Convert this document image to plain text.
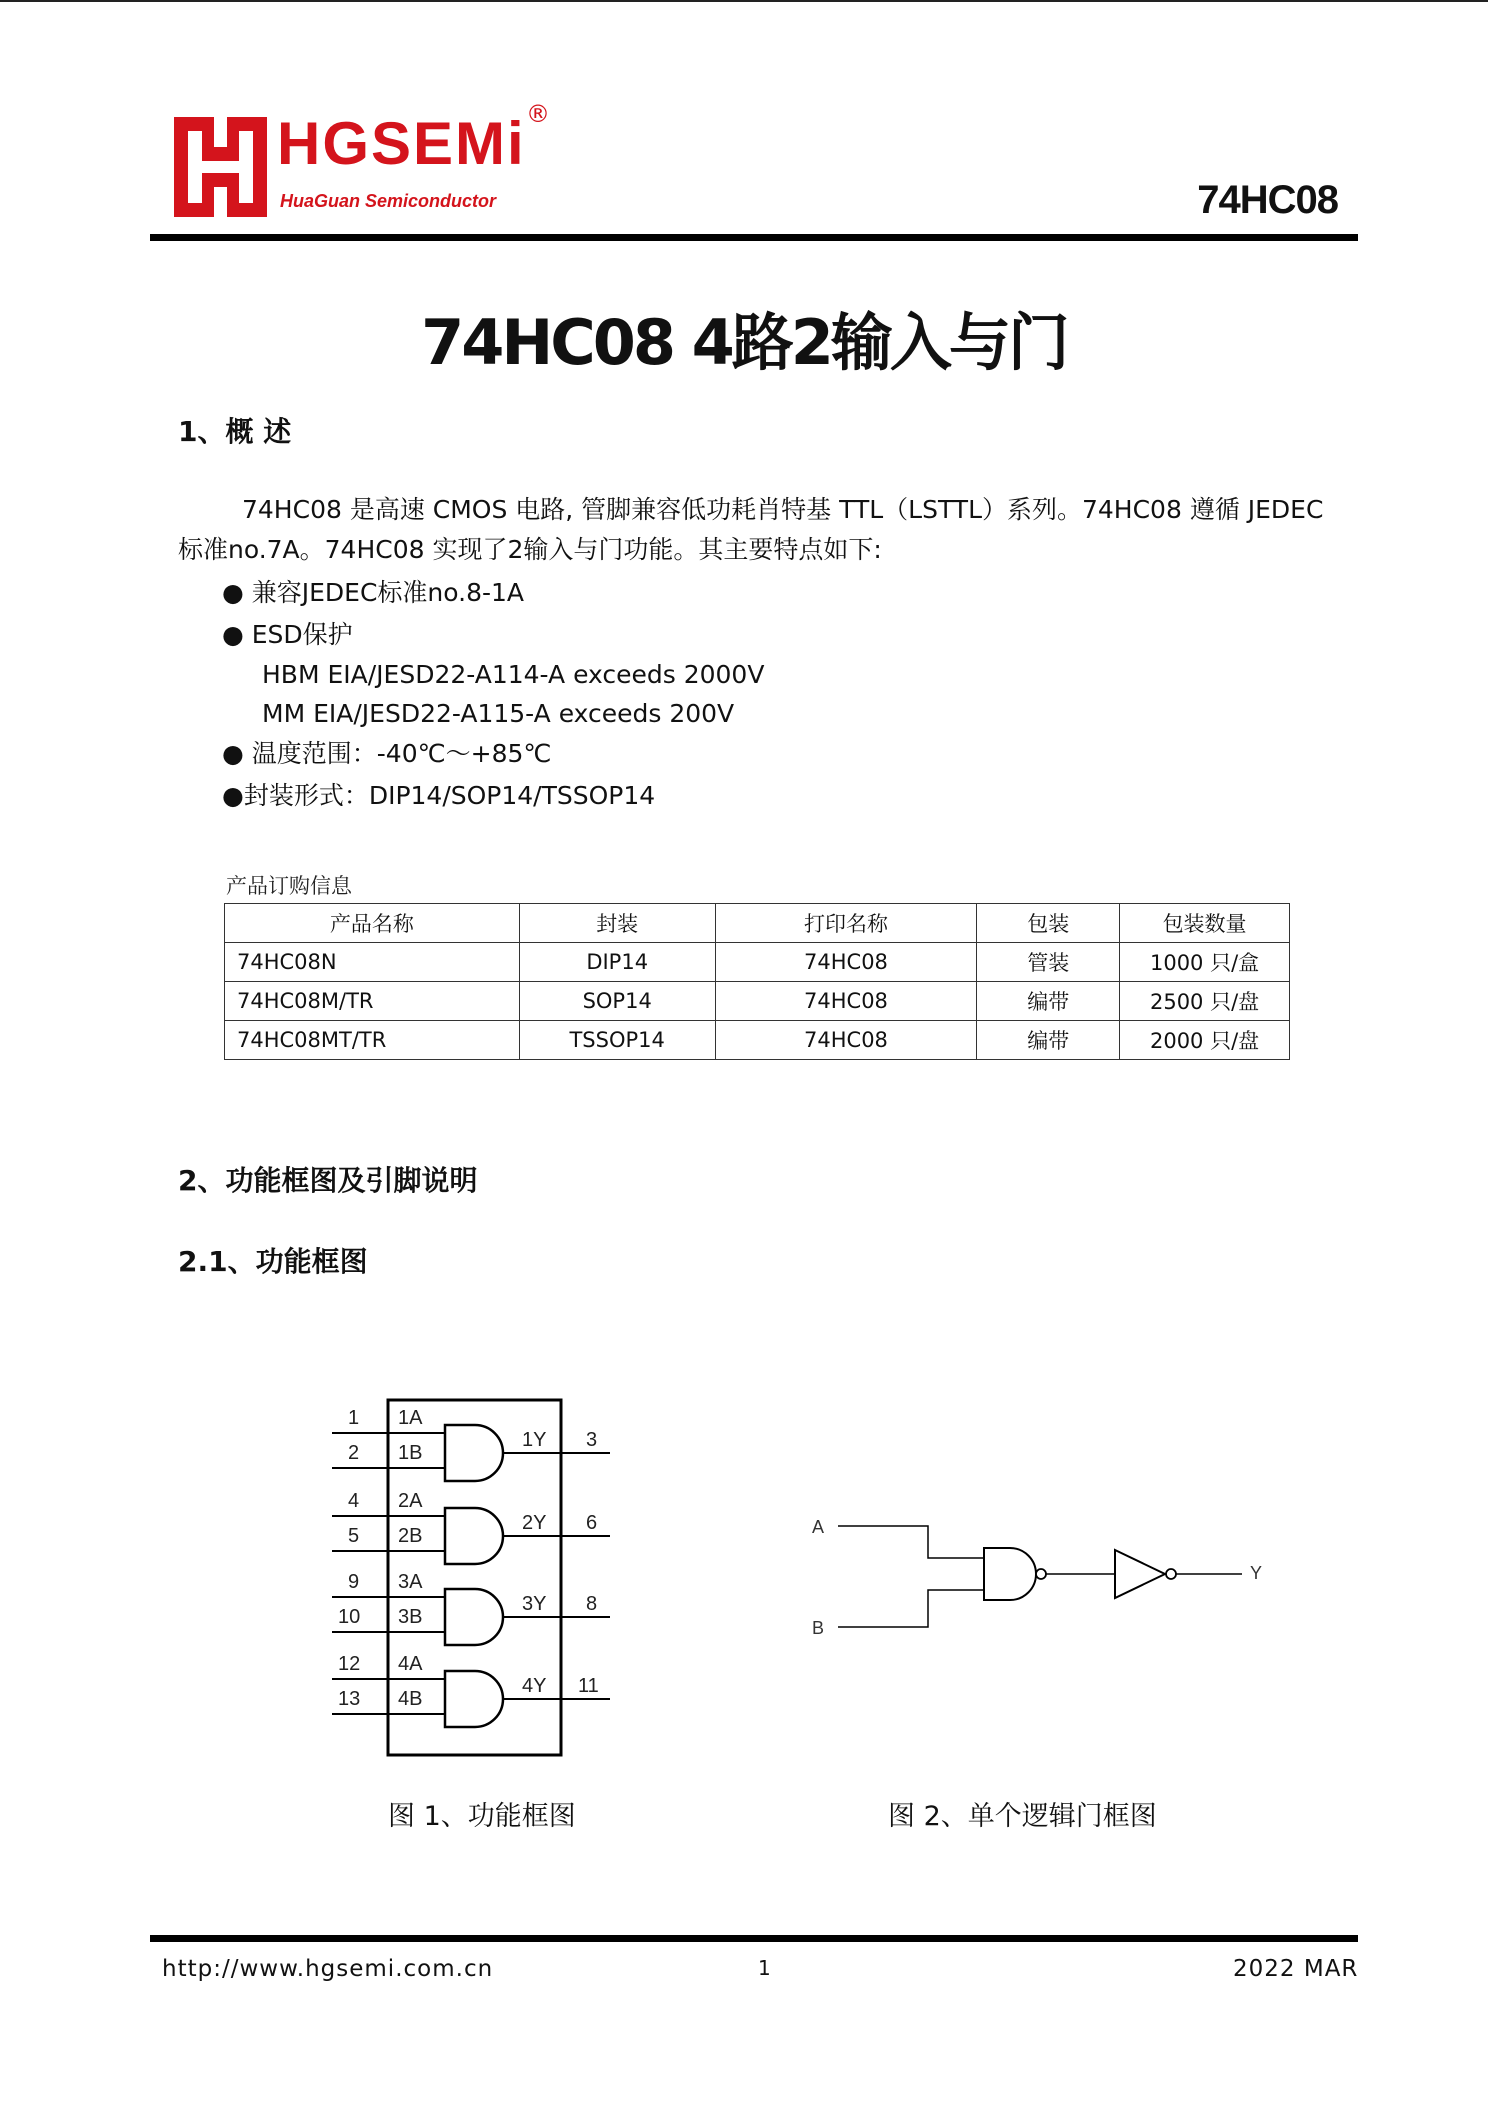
HGSEMi
HuaGuan Semiconductor
®
74HC08
74HC08 4路2输入与门
1、概 述
74HC08 是高速 CMOS 电路, 管脚兼容低功耗肖特基 TTL（LSTTL）系列。74HC08 遵循 JEDEC
标准no.7A。74HC08 实现了2输入与门功能。其主要特点如下:
● 兼容JEDEC标准no.8-1A
● ESD保护
HBM EIA/JESD22-A114-A exceeds 2000V
MM EIA/JESD22-A115-A exceeds 200V
● 温度范围：-40℃～+85℃
●封装形式：DIP14/SOP14/TSSOP14
产品订购信息
产品名称	封装	打印名称	包装	包装数量
74HC08N	DIP14	74HC08	管装	1000 只/盒
74HC08M/TR	SOP14	74HC08	编带	2500 只/盘
74HC08MT/TR	TSSOP14	74HC08	编带	2000 只/盘
2、功能框图及引脚说明
2.1、功能框图
1
2
1A
1B
1Y 3
4
5
2A
2B
2Y 6
9
10
3A
3B
3Y 8
12
13
4A
4B
4Y 11
图 1、功能框图
A
B
Y
图 2、单个逻辑门框图
http://www.hgsemi.com.cn	1	2022 MAR
